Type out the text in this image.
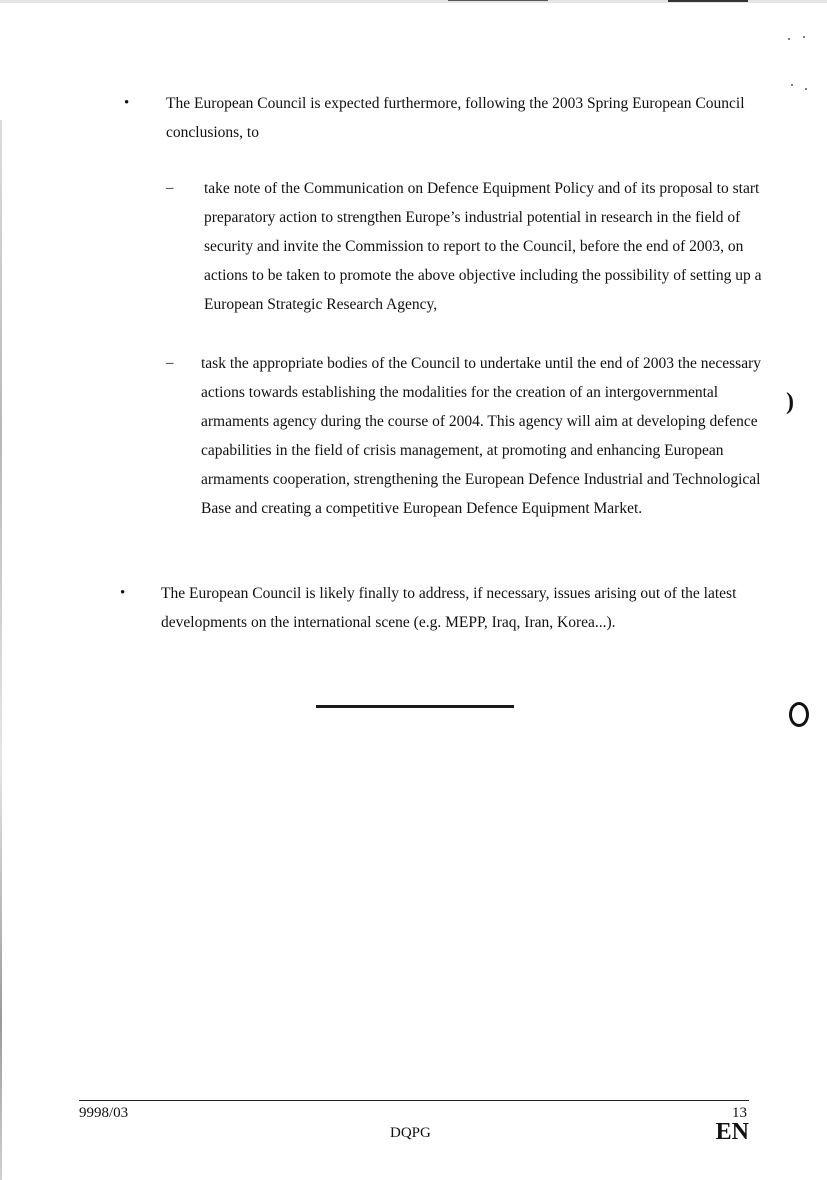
• The European Council is expected furthermore, following the 2003 Spring European Council conclusions, to
– take note of the Communication on Defence Equipment Policy and of its proposal to start preparatory action to strengthen Europe’s industrial potential in research in the field of security and invite the Commission to report to the Council, before the end of 2003, on actions to be taken to promote the above objective including the possibility of setting up a European Strategic Research Agency,
– task the appropriate bodies of the Council to undertake until the end of 2003 the necessary actions towards establishing the modalities for the creation of an intergovernmental armaments agency during the course of 2004. This agency will aim at developing defence capabilities in the field of crisis management, at promoting and enhancing European armaments cooperation, strengthening the European Defence Industrial and Technological Base and creating a competitive European Defence Equipment Market.
• The European Council is likely finally to address, if necessary, issues arising out of the latest developments on the international scene (e.g. MEPP, Iraq, Iran, Korea...).
)
9998/03	13
DQPG	EN
